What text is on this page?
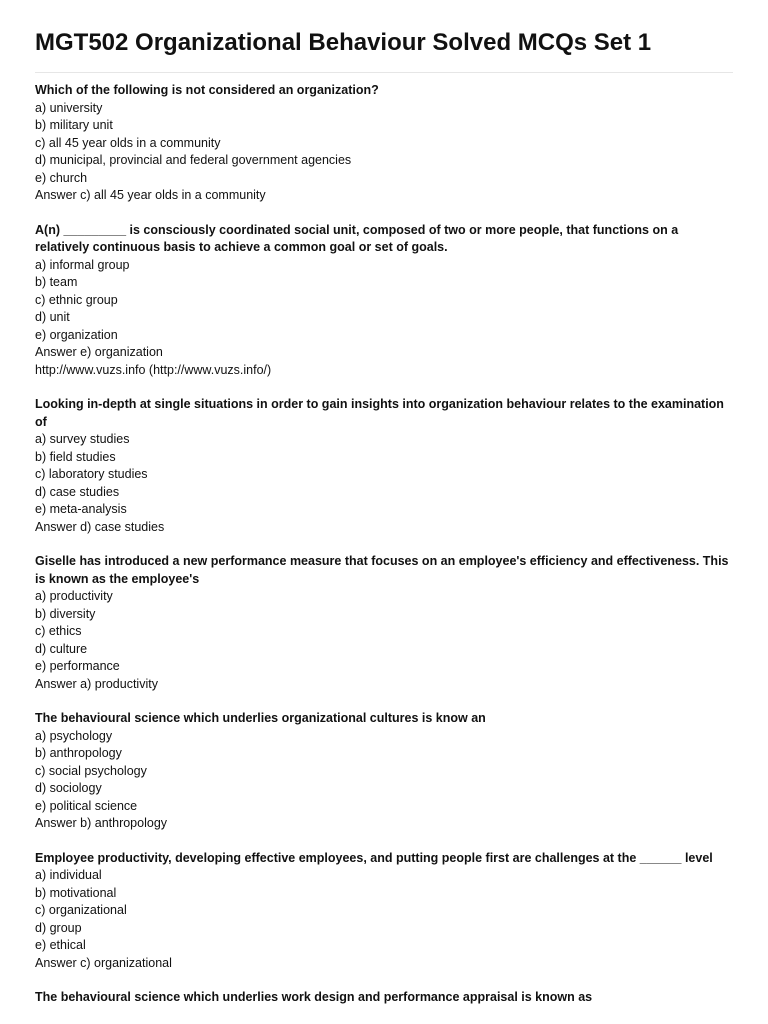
MGT502 Organizational Behaviour Solved MCQs Set 1

Which of the following is not considered an organization?

a) university

b) military unit

c) all 45 year olds in a community

d) municipal, provincial and federal government agencies

e) church

Answer c) all 45 year olds in a community

A(n) _________ is consciously coordinated social unit, composed of two or more people, that functions on a relatively continuous basis to achieve a common goal or set of goals.

a) informal group

b) team

c) ethnic group

d) unit

e) organization

Answer e) organization

http://www.vuzs.info (http://www.vuzs.info/)

Looking in-depth at single situations in order to gain insights into organization behaviour relates to the examination of

a) survey studies

b) field studies

c) laboratory studies

d) case studies

e) meta-analysis

Answer d) case studies

Giselle has introduced a new performance measure that focuses on an employee's efficiency and effectiveness. This is known as the employee's

a) productivity

b) diversity

c) ethics

d) culture

e) performance

Answer a) productivity

The behavioural science which underlies organizational cultures is know an

a) psychology

b) anthropology

c) social psychology

d) sociology

e) political science

Answer b) anthropology

Employee productivity, developing effective employees, and putting people first are challenges at the ______ level

a) individual

b) motivational

c) organizational

d) group

e) ethical

Answer c) organizational

The behavioural science which underlies work design and performance appraisal is known as
